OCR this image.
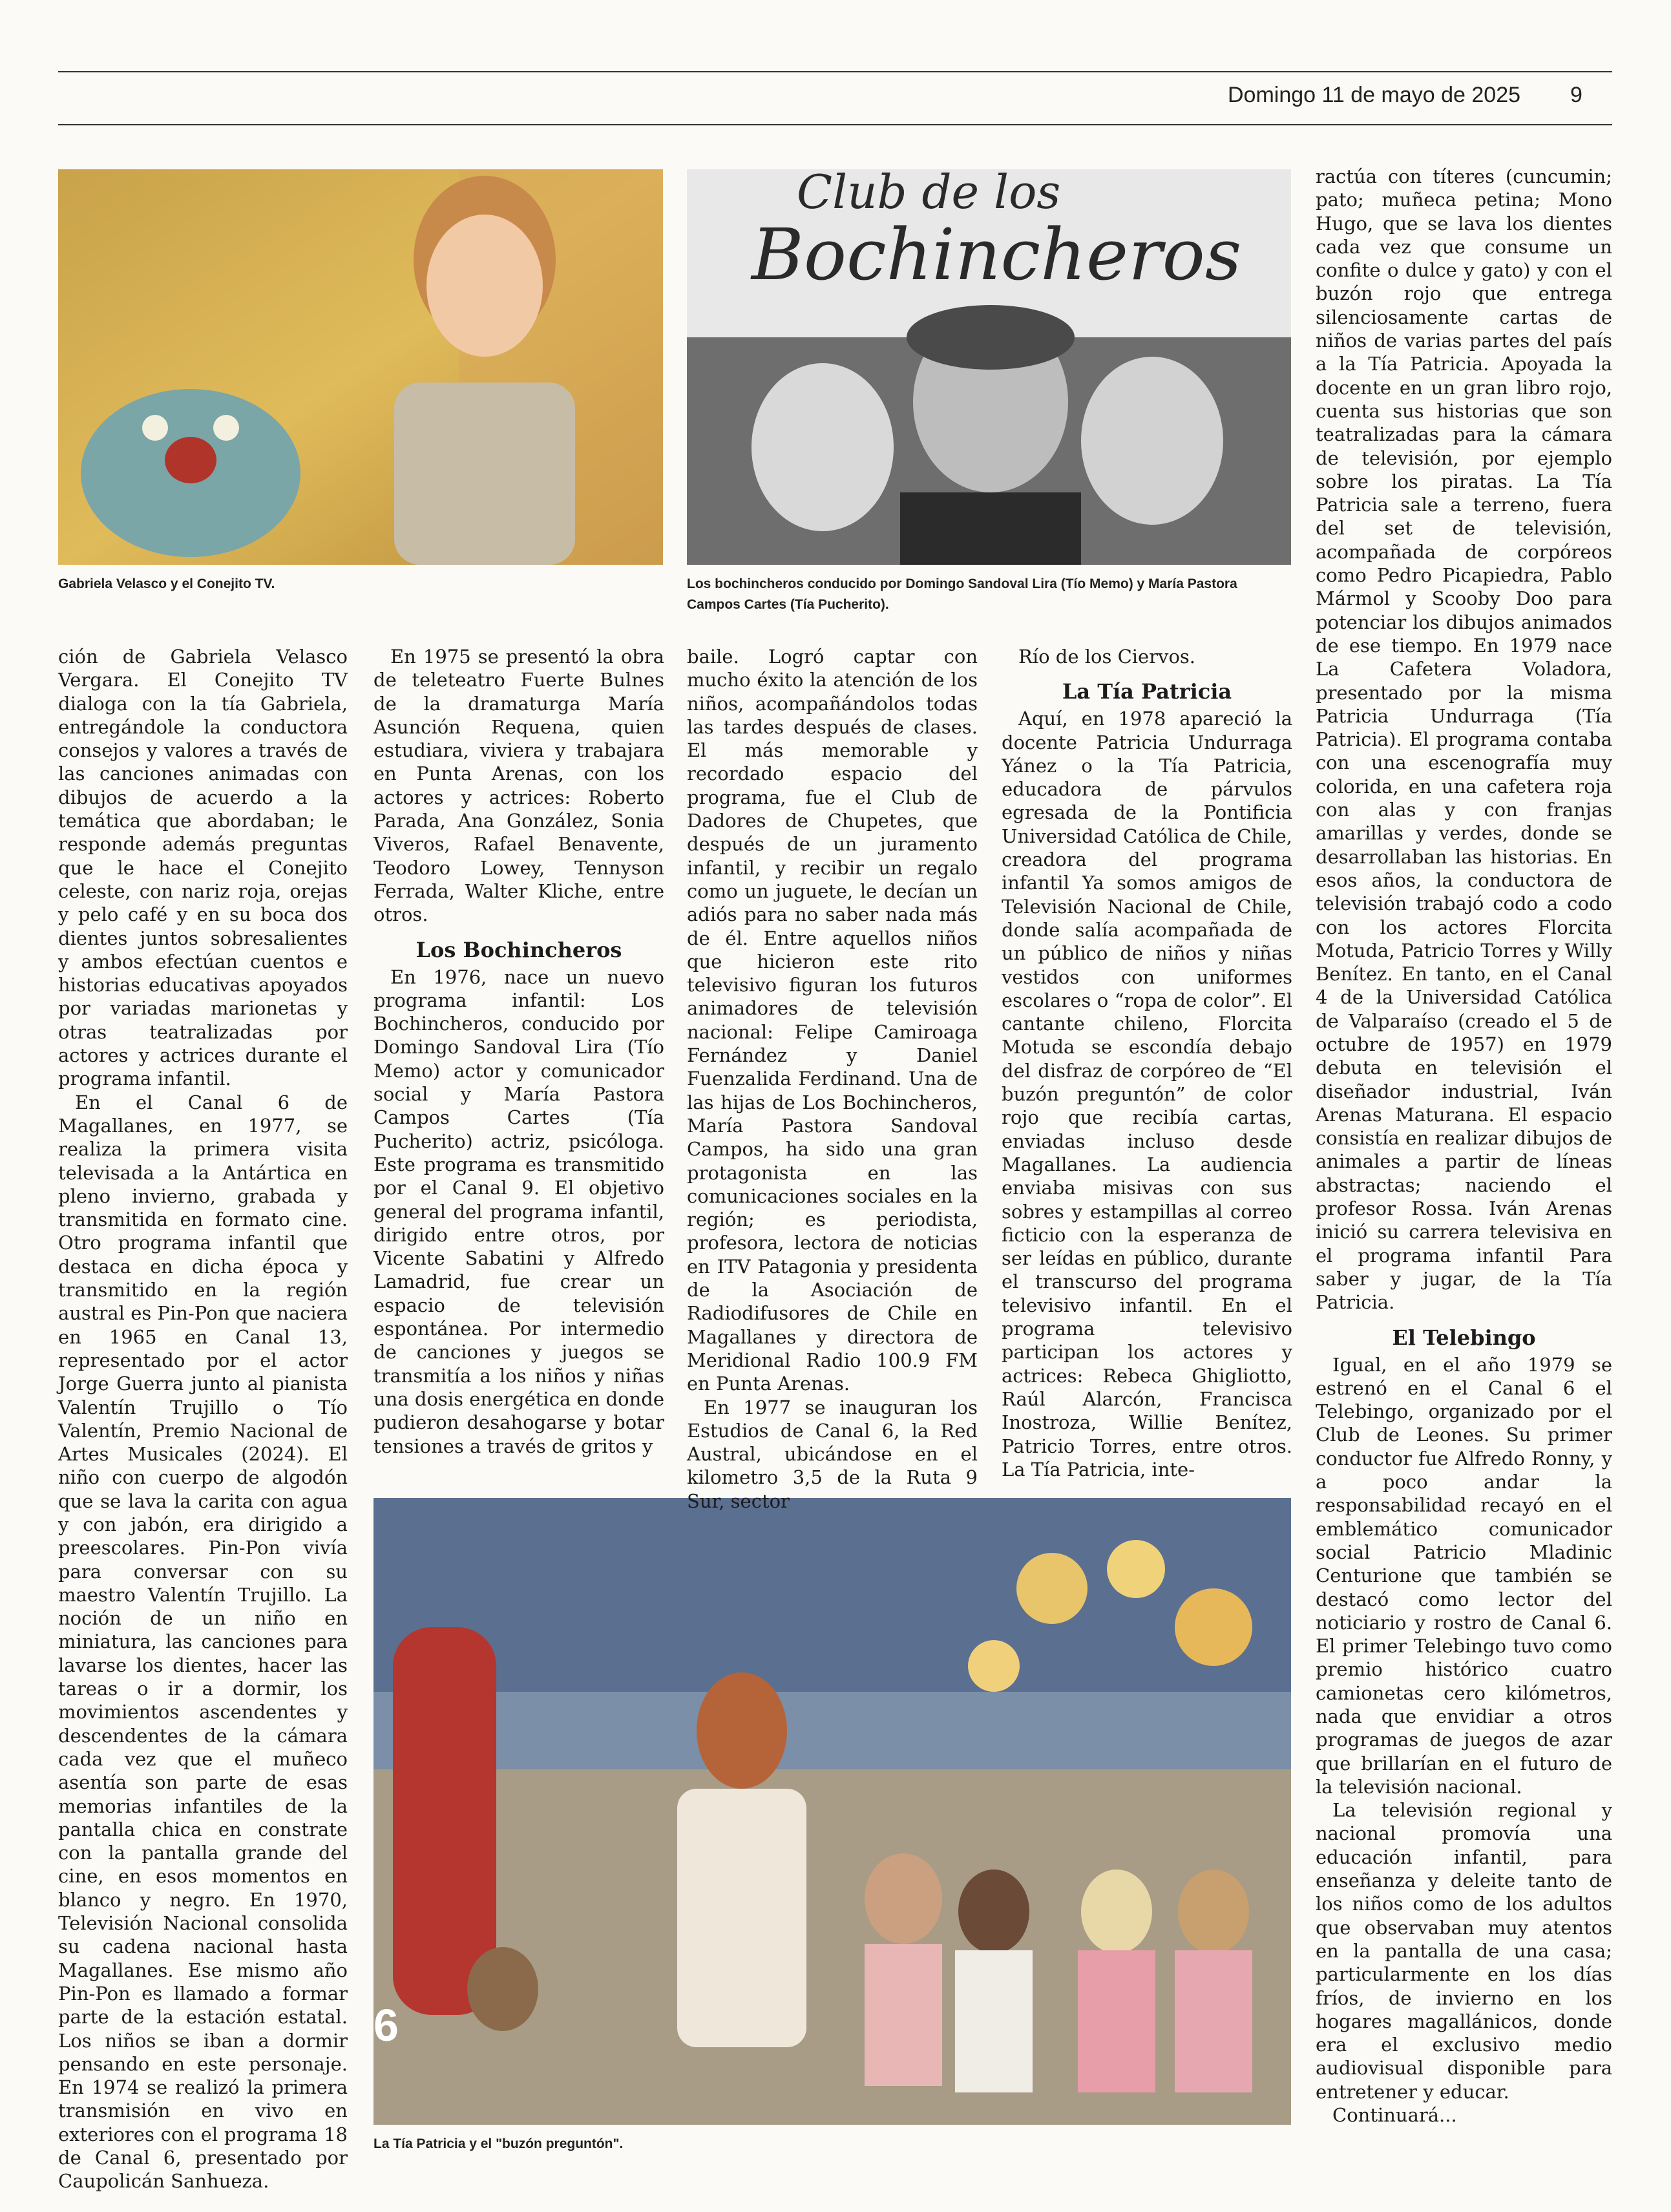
Domingo 11 de mayo de 2025 9
Gabriela Velasco y el Conejito TV.
Club de los
Bochincheros
Los bochincheros conducido por Domingo Sandoval Lira (Tío Memo) y María Pastora Campos Cartes (Tía Pucherito).
6
La Tía Patricia y el "buzón preguntón".

ción de Gabriela Velasco Vergara. El Conejito TV dialoga con la tía Gabriela, entregándole la conductora consejos y valores a través de las canciones animadas con dibujos de acuerdo a la temática que abordaban; le responde además preguntas que le hace el Conejito celeste, con nariz roja, orejas y pelo café y en su boca dos dientes juntos sobresalientes y ambos efectúan cuentos e historias educativas apoyados por variadas marionetas y otras teatralizadas por actores y actrices durante el programa infantil.

En el Canal 6 de Magallanes, en 1977, se realiza la primera visita televisada a la Antártica en pleno invierno, grabada y transmitida en formato cine. Otro programa infantil que destaca en dicha época y transmitido en la región austral es Pin-Pon que naciera en 1965 en Canal 13, representado por el actor Jorge Guerra junto al pianista Valentín Trujillo o Tío Valentín, Premio Nacional de Artes Musicales (2024). El niño con cuerpo de algodón que se lava la carita con agua y con jabón, era dirigido a preescolares. Pin-Pon vivía para conversar con su maestro Valentín Trujillo. La noción de un niño en miniatura, las canciones para lavarse los dientes, hacer las tareas o ir a dormir, los movimientos ascendentes y descendentes de la cámara cada vez que el muñeco asentía son parte de esas memorias infantiles de la pantalla chica en constrate con la pantalla grande del cine, en esos momentos en blanco y negro. En 1970, Televisión Nacional consolida su cadena nacional hasta Magallanes. Ese mismo año Pin-Pon es llamado a formar parte de la estación estatal. Los niños se iban a dormir pensando en este personaje. En 1974 se realizó la primera transmisión en vivo en exteriores con el programa 18 de Canal 6, presentado por Caupolicán Sanhueza.

En 1975 se presentó la obra de teleteatro Fuerte Bulnes de la dramaturga María Asunción Requena, quien estudiara, viviera y trabajara en Punta Arenas, con los actores y actrices: Roberto Parada, Ana González, Sonia Viveros, Rafael Benavente, Teodoro Lowey, Tennyson Ferrada, Walter Kliche, entre otros.

Los Bochincheros

En 1976, nace un nuevo programa infantil: Los Bochincheros, conducido por Domingo Sandoval Lira (Tío Memo) actor y comunicador social y María Pastora Campos Cartes (Tía Pucherito) actriz, psicóloga. Este programa es transmitido por el Canal 9. El objetivo general del programa infantil, dirigido entre otros, por Vicente Sabatini y Alfredo Lamadrid, fue crear un espacio de televisión espontánea. Por intermedio de canciones y juegos se transmitía a los niños y niñas una dosis energética en donde pudieron desahogarse y botar tensiones a través de gritos y

baile. Logró captar con mucho éxito la atención de los niños, acompañándolos todas las tardes después de clases. El más memorable y recordado espacio del programa, fue el Club de Dadores de Chupetes, que después de un juramento infantil, y recibir un regalo como un juguete, le decían un adiós para no saber nada más de él. Entre aquellos niños que hicieron este rito televisivo figuran los futuros animadores de televisión nacional: Felipe Camiroaga Fernández y Daniel Fuenzalida Ferdinand. Una de las hijas de Los Bochincheros, María Pastora Sandoval Campos, ha sido una gran protagonista en las comunicaciones sociales en la región; es periodista, profesora, lectora de noticias en ITV Patagonia y presidenta de la Asociación de Radiodifusores de Chile en Magallanes y directora de Meridional Radio 100.9 FM en Punta Arenas.

En 1977 se inauguran los Estudios de Canal 6, la Red Austral, ubicándose en el kilometro 3,5 de la Ruta 9 Sur, sector

Río de los Ciervos.

La Tía Patricia

Aquí, en 1978 apareció la docente Patricia Undurraga Yánez o la Tía Patricia, educadora de párvulos egresada de la Pontificia Universidad Católica de Chile, creadora del programa infantil Ya somos amigos de Televisión Nacional de Chile, donde salía acompañada de un público de niños y niñas vestidos con uniformes escolares o “ropa de color”. El cantante chileno, Florcita Motuda se escondía debajo del disfraz de corpóreo de “El buzón preguntón” de color rojo que recibía cartas, enviadas incluso desde Magallanes. La audiencia enviaba misivas con sus sobres y estampillas al correo ficticio con la esperanza de ser leídas en público, durante el transcurso del programa televisivo infantil. En el programa televisivo participan los actores y actrices: Rebeca Ghigliotto, Raúl Alarcón, Francisca Inostroza, Willie Benítez, Patricio Torres, entre otros. La Tía Patricia, inte-

ractúa con títeres (cuncumin; pato; muñeca petina; Mono Hugo, que se lava los dientes cada vez que consume un confite o dulce y gato) y con el buzón rojo que entrega silenciosamente cartas de niños de varias partes del país a la Tía Patricia. Apoyada la docente en un gran libro rojo, cuenta sus historias que son teatralizadas para la cámara de televisión, por ejemplo sobre los piratas. La Tía Patricia sale a terreno, fuera del set de televisión, acompañada de corpóreos como Pedro Picapiedra, Pablo Mármol y Scooby Doo para potenciar los dibujos animados de ese tiempo. En 1979 nace La Cafetera Voladora, presentado por la misma Patricia Undurraga (Tía Patricia). El programa contaba con una escenografía muy colorida, en una cafetera roja con alas y con franjas amarillas y verdes, donde se desarrollaban las historias. En esos años, la conductora de televisión trabajó codo a codo con los actores Florcita Motuda, Patricio Torres y Willy Benítez. En tanto, en el Canal 4 de la Universidad Católica de Valparaíso (creado el 5 de octubre de 1957) en 1979 debuta en televisión el diseñador industrial, Iván Arenas Maturana. El espacio consistía en realizar dibujos de animales a partir de líneas abstractas; naciendo el profesor Rossa. Iván Arenas inició su carrera televisiva en el programa infantil Para saber y jugar, de la Tía Patricia.

El Telebingo

Igual, en el año 1979 se estrenó en el Canal 6 el Telebingo, organizado por el Club de Leones. Su primer conductor fue Alfredo Ronny, y a poco andar la responsabilidad recayó en el emblemático comunicador social Patricio Mladinic Centurione que también se destacó como lector del noticiario y rostro de Canal 6. El primer Telebingo tuvo como premio histórico cuatro camionetas cero kilómetros, nada que envidiar a otros programas de juegos de azar que brillarían en el futuro de la televisión nacional.

La televisión regional y nacional promovía una educación infantil, para enseñanza y deleite tanto de los niños como de los adultos que observaban muy atentos en la pantalla de una casa; particularmente en los días fríos, de invierno en los hogares magallánicos, donde era el exclusivo medio audiovisual disponible para entretener y educar.

Continuará...
